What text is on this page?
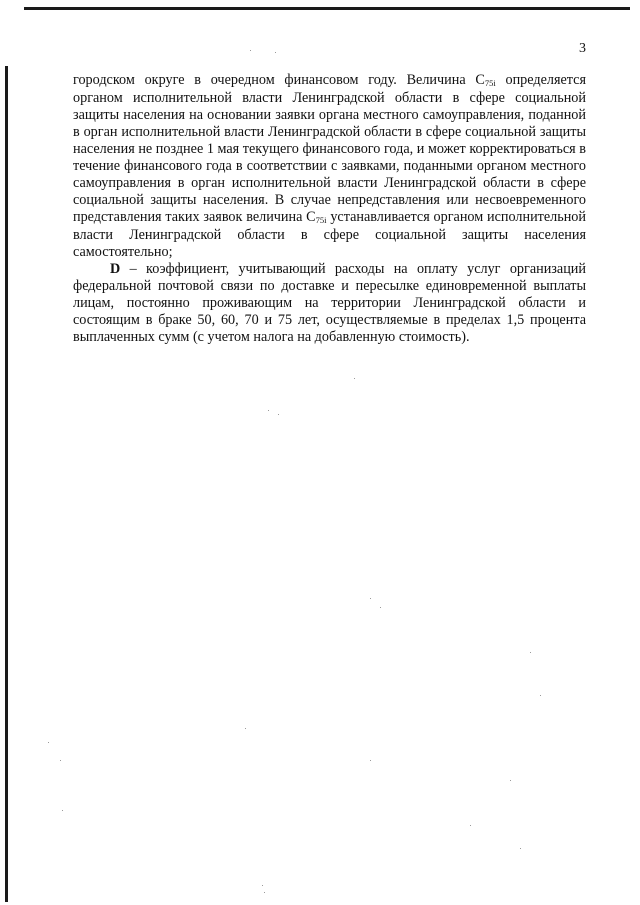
3

городском округе в очередном финансовом году. Величина $С_{75i}$ определяется органом исполнительной власти Ленинградской области в сфере социальной защиты населения на основании заявки органа местного самоуправления, поданной в орган исполнительной власти Ленинградской области в сфере социальной защиты населения не позднее 1 мая текущего финансового года, и может корректироваться в течение финансового года в соответствии с заявками, поданными органом местного самоуправления в орган исполнительной власти Ленинградской области в сфере социальной защиты населения. В случае непредставления или несвоевременного представления таких заявок величина $С_{75i}$ устанавливается органом исполнительной власти Ленинградской области в сфере социальной защиты населения самостоятельно;

D – коэффициент, учитывающий расходы на оплату услуг организаций федеральной почтовой связи по доставке и пересылке единовременной выплаты лицам, постоянно проживающим на территории Ленинградской области и состоящим в браке 50, 60, 70 и 75 лет, осуществляемые в пределах 1,5 процента выплаченных сумм (с учетом налога на добавленную стоимость).
